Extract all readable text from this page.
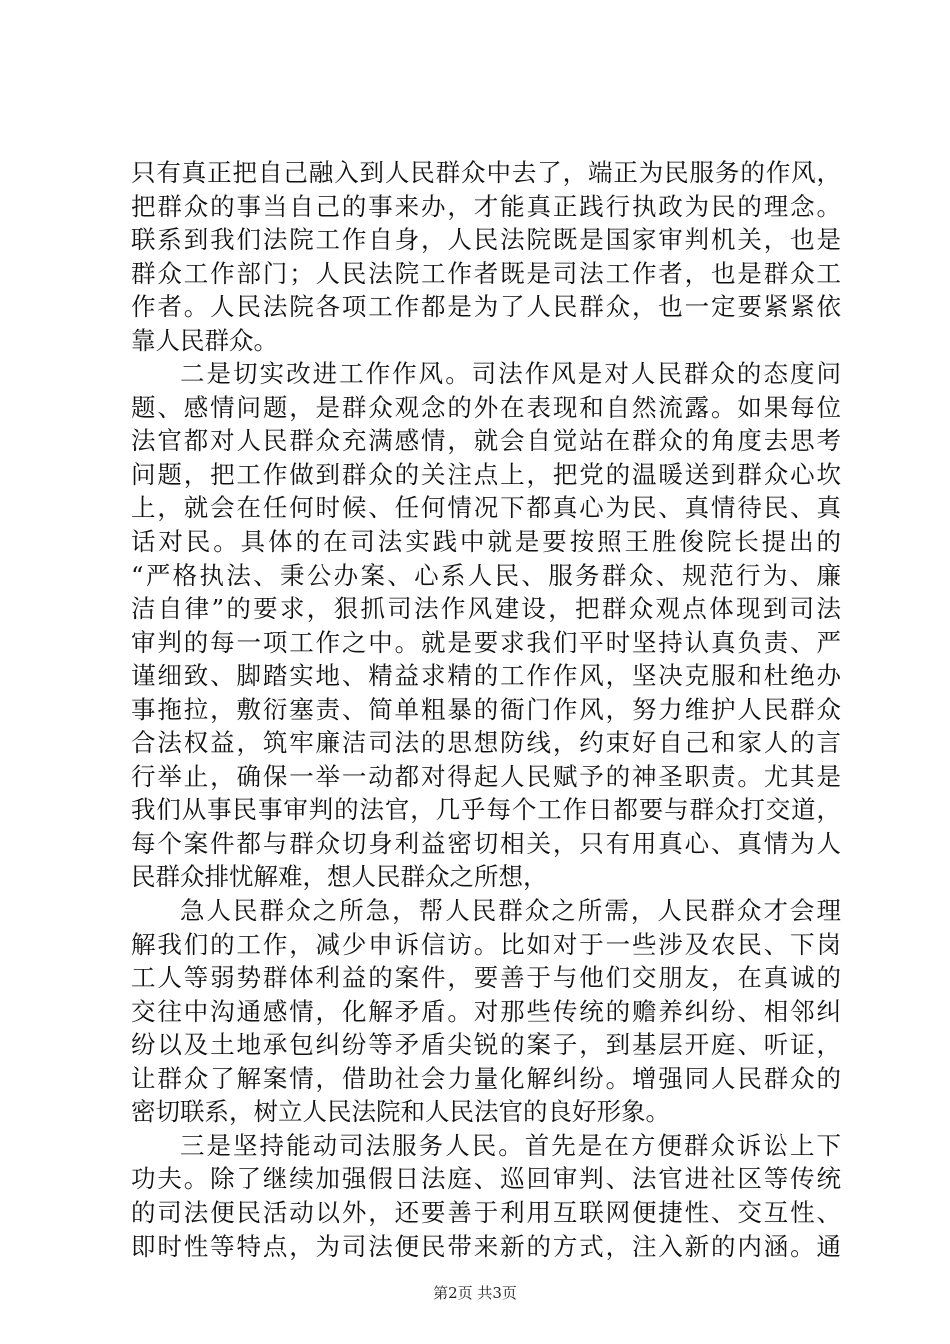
只有真正把自己融入到人民群众中去了，端正为民服务的作风，
把群众的事当自己的事来办，才能真正践行执政为民的理念。
联系到我们法院工作自身，人民法院既是国家审判机关，也是
群众工作部门；人民法院工作者既是司法工作者，也是群众工
作者。人民法院各项工作都是为了人民群众，也一定要紧紧依
靠人民群众。
二是切实改进工作作风。司法作风是对人民群众的态度问
题、感情问题，是群众观念的外在表现和自然流露。如果每位
法官都对人民群众充满感情，就会自觉站在群众的角度去思考
问题，把工作做到群众的关注点上，把党的温暖送到群众心坎
上，就会在任何时候、任何情况下都真心为民、真情待民、真
话对民。具体的在司法实践中就是要按照王胜俊院长提出的
“严格执法、秉公办案、心系人民、服务群众、规范行为、廉
洁自律”的要求，狠抓司法作风建设，把群众观点体现到司法
审判的每一项工作之中。就是要求我们平时坚持认真负责、严
谨细致、脚踏实地、精益求精的工作作风，坚决克服和杜绝办
事拖拉，敷衍塞责、简单粗暴的衙门作风，努力维护人民群众
合法权益，筑牢廉洁司法的思想防线，约束好自己和家人的言
行举止，确保一举一动都对得起人民赋予的神圣职责。尤其是
我们从事民事审判的法官，几乎每个工作日都要与群众打交道，
每个案件都与群众切身利益密切相关，只有用真心、真情为人
民群众排忧解难，想人民群众之所想，
急人民群众之所急，帮人民群众之所需，人民群众才会理
解我们的工作，减少申诉信访。比如对于一些涉及农民、下岗
工人等弱势群体利益的案件，要善于与他们交朋友，在真诚的
交往中沟通感情，化解矛盾。对那些传统的赡养纠纷、相邻纠
纷以及土地承包纠纷等矛盾尖锐的案子，到基层开庭、听证，
让群众了解案情，借助社会力量化解纠纷。增强同人民群众的
密切联系，树立人民法院和人民法官的良好形象。
三是坚持能动司法服务人民。首先是在方便群众诉讼上下
功夫。除了继续加强假日法庭、巡回审判、法官进社区等传统
的司法便民活动以外，还要善于利用互联网便捷性、交互性、
即时性等特点，为司法便民带来新的方式，注入新的内涵。通
第2页 共3页
